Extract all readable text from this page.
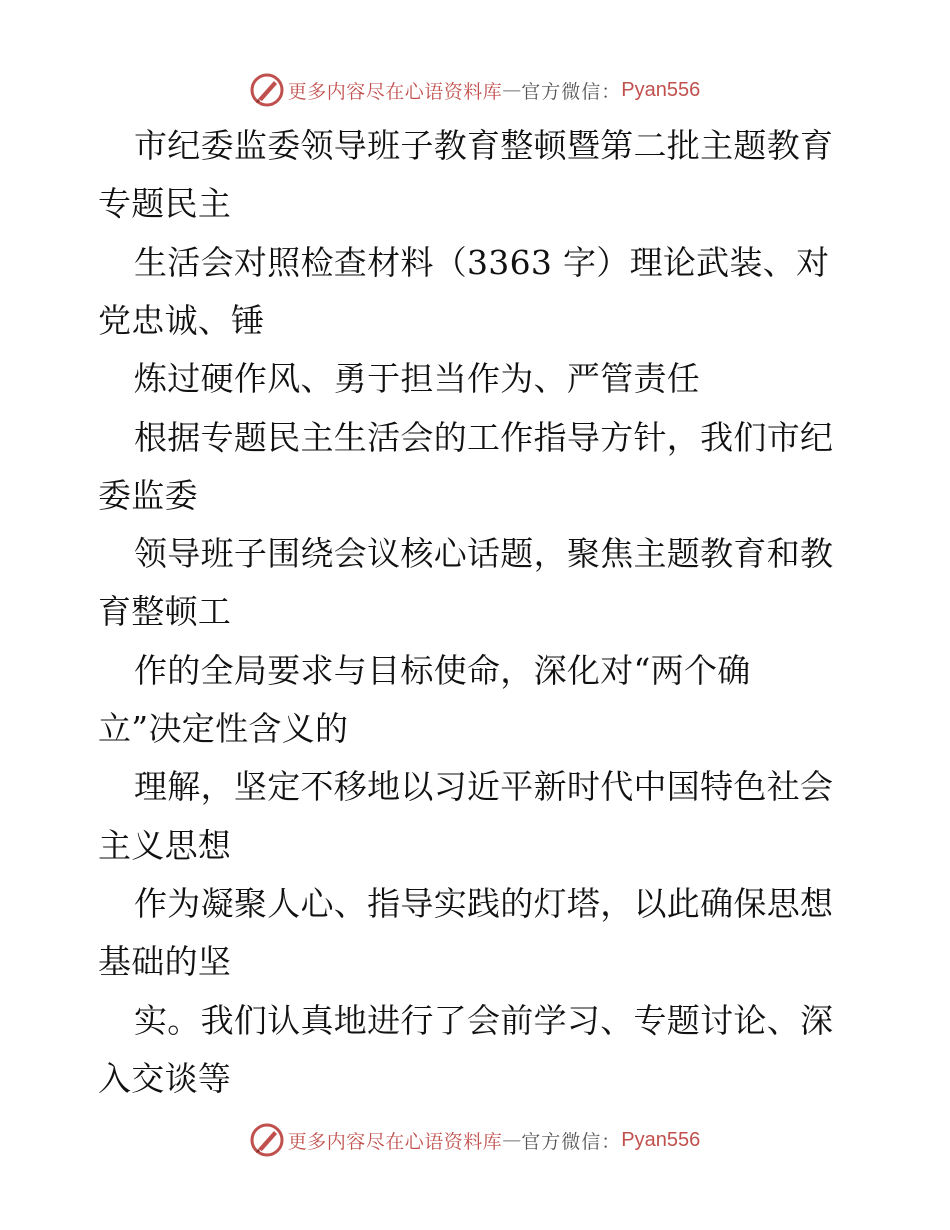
更多内容尽在心语资料库 — 官方微信： Pyan556
市纪委监委领导班子教育整顿暨第二批主题教育
专题民主
生活会对照检查材料（3363 字）理论武装、对
党忠诚、锤
炼过硬作风、勇于担当作为、严管责任
根据专题民主生活会的工作指导方针，我们市纪
委监委
领导班子围绕会议核心话题，聚焦主题教育和教
育整顿工
作的全局要求与目标使命，深化对“两个确
立”决定性含义的
理解，坚定不移地以习近平新时代中国特色社会
主义思想
作为凝聚人心、指导实践的灯塔，以此确保思想
基础的坚
实。我们认真地进行了会前学习、专题讨论、深
入交谈等
更多内容尽在心语资料库 — 官方微信： Pyan556
